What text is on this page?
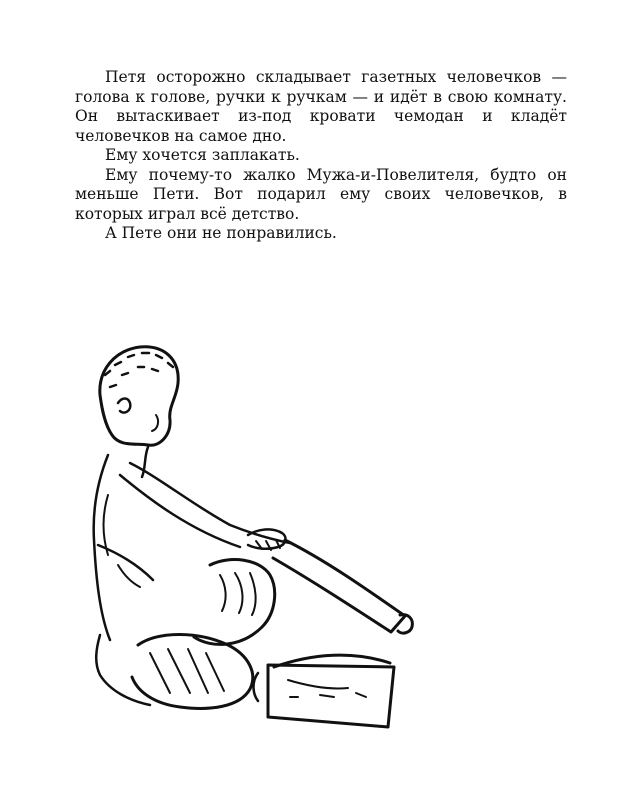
Петя осторожно складывает газетных человечков — голова к голове, ручки к ручкам — и идёт в свою комнату. Он вытаскивает из-под кровати чемодан и кладёт человечков на самое дно.

Ему хочется заплакать.

Ему почему-то жалко Мужа-и-Повелителя, будто он меньше Пети. Вот подарил ему своих человечков, в которых играл всё детство.

А Пете они не понравились.
